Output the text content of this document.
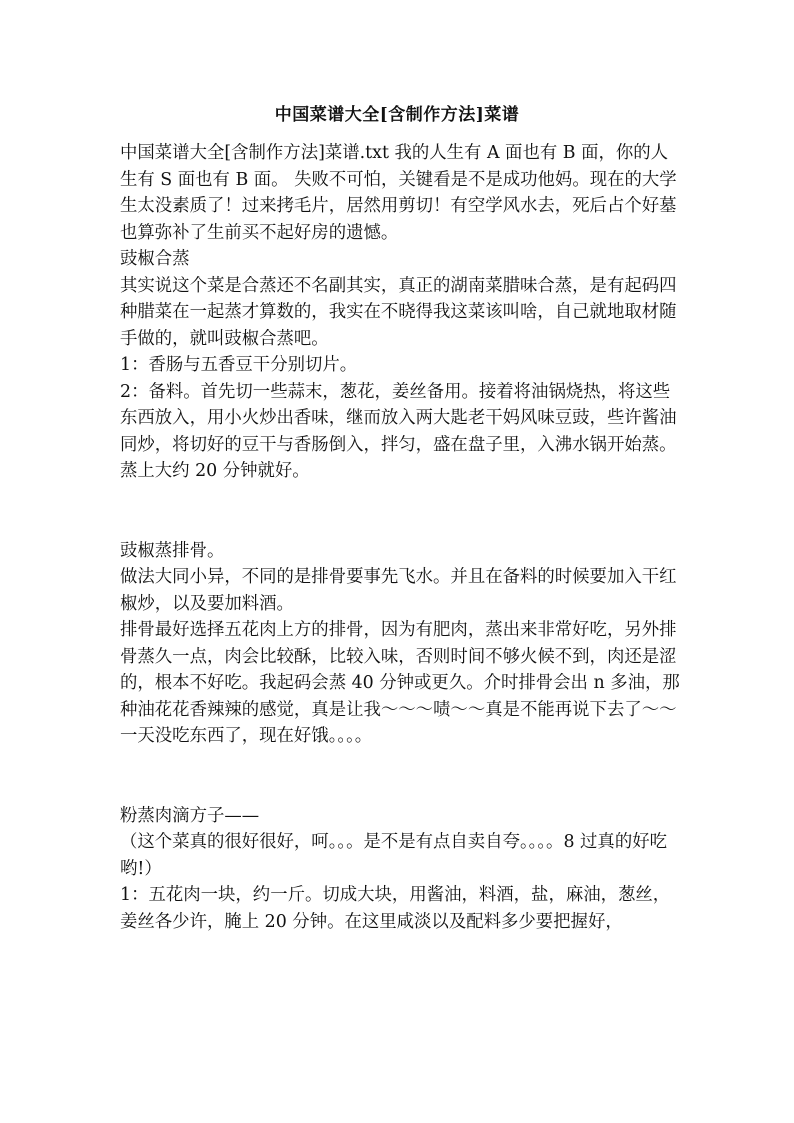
中国菜谱大全[含制作方法]菜谱

中国菜谱大全[含制作方法]菜谱.txt 我的人生有 A 面也有 B 面，你的人生有 S 面也有 B 面。 失败不可怕，关键看是不是成功他妈。现在的大学生太没素质了！过来拷毛片，居然用剪切！有空学风水去，死后占个好墓也算弥补了生前买不起好房的遗憾。

豉椒合蒸

其实说这个菜是合蒸还不名副其实，真正的湖南菜腊味合蒸，是有起码四种腊菜在一起蒸才算数的，我实在不晓得我这菜该叫啥，自己就地取材随手做的，就叫豉椒合蒸吧。

1：香肠与五香豆干分别切片。

2：备料。首先切一些蒜末，葱花，姜丝备用。接着将油锅烧热，将这些东西放入，用小火炒出香味，继而放入两大匙老干妈风味豆豉，些许酱油同炒，将切好的豆干与香肠倒入，拌匀，盛在盘子里，入沸水锅开始蒸。蒸上大约 20 分钟就好。

豉椒蒸排骨。

做法大同小异，不同的是排骨要事先飞水。并且在备料的时候要加入干红椒炒，以及要加料酒。

排骨最好选择五花肉上方的排骨，因为有肥肉，蒸出来非常好吃，另外排骨蒸久一点，肉会比较酥，比较入味，否则时间不够火候不到，肉还是涩的，根本不好吃。我起码会蒸 40 分钟或更久。介时排骨会出 n 多油，那种油花花香辣辣的感觉，真是让我～～～啧～～真是不能再说下去了～～一天没吃东西了，现在好饿。。。。

粉蒸肉滴方子——

（这个菜真的很好很好，呵。。。是不是有点自卖自夸。。。。8 过真的好吃哟!）

1：五花肉一块，约一斤。切成大块，用酱油，料酒，盐，麻油，葱丝，姜丝各少许，腌上 20 分钟。在这里咸淡以及配料多少要把握好，
